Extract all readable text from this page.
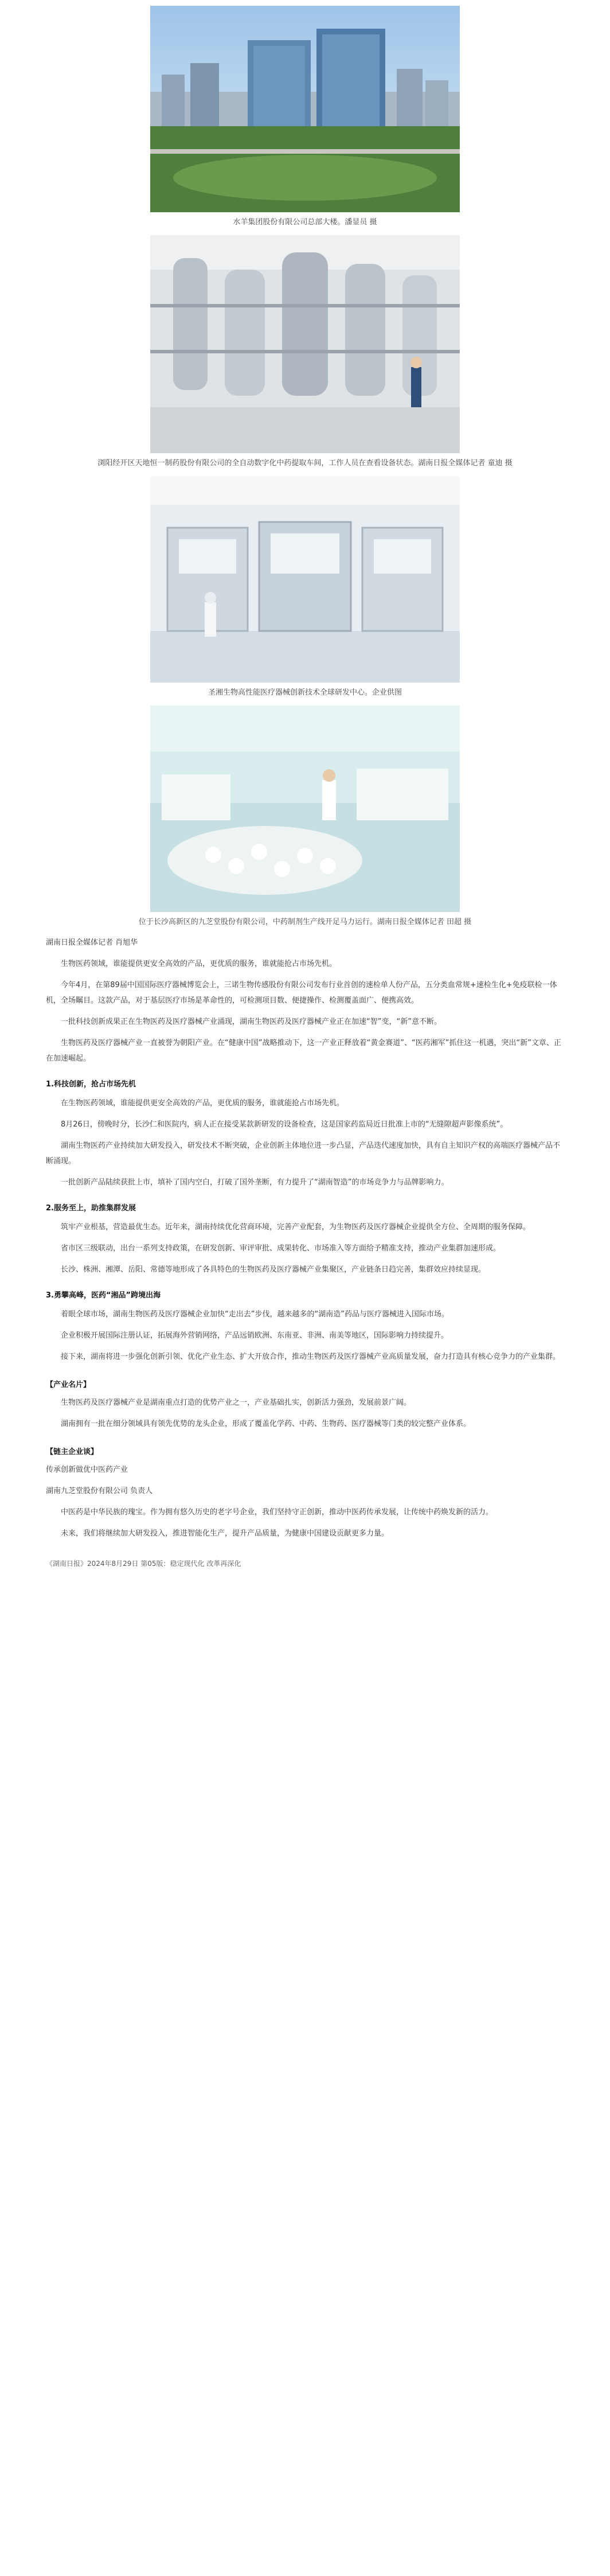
水羊集团股份有限公司总部大楼。潘显员 摄
浏阳经开区天地恒一制药股份有限公司的全自动数字化中药提取车间，工作人员在查看设备状态。湖南日报全媒体记者 童迪 摄
圣湘生物高性能医疗器械创新技术全球研发中心。企业供图
位于长沙高新区的九芝堂股份有限公司，中药制剂生产线开足马力运行。湖南日报全媒体记者 田超 摄

湖南日报全媒体记者 肖旭华

生物医药领域，谁能提供更安全高效的产品，更优质的服务，谁就能抢占市场先机。

今年4月，在第89届中国国际医疗器械博览会上，三诺生物传感股份有限公司发布行业首创的速检单人份产品，五分类血常规+速检生化+免疫联检一体机，全场瞩目。这款产品，对于基层医疗市场是革命性的，可检测项目数、便捷操作、检测覆盖面广、便携高效。

一批科技创新成果正在生物医药及医疗器械产业涌现，湖南生物医药及医疗器械产业正在加速“智”变，“新”意不断。

生物医药及医疗器械产业一直被誉为朝阳产业。在“健康中国”战略推动下，这一产业正释放着“黄金赛道”、“医药湘军”抓住这一机遇，突出“新”文章、正在加速崛起。

1.科技创新，抢占市场先机

在生物医药领域，谁能提供更安全高效的产品，更优质的服务，谁就能抢占市场先机。

8月26日，傍晚时分，长沙仁和医院内，病人正在接受某款新研发的设备检查，这是国家药监局近日批准上市的“无缝隙超声影像系统”。

湖南生物医药产业持续加大研发投入，研发技术不断突破，企业创新主体地位进一步凸显，产品迭代速度加快，具有自主知识产权的高端医疗器械产品不断涌现。

一批创新产品陆续获批上市，填补了国内空白，打破了国外垄断，有力提升了“湖南智造”的市场竞争力与品牌影响力。

2.服务至上，助推集群发展

筑牢产业根基，营造最优生态。近年来，湖南持续优化营商环境，完善产业配套，为生物医药及医疗器械企业提供全方位、全周期的服务保障。

省市区三级联动，出台一系列支持政策，在研发创新、审评审批、成果转化、市场准入等方面给予精准支持，推动产业集群加速形成。

长沙、株洲、湘潭、岳阳、常德等地形成了各具特色的生物医药及医疗器械产业集聚区，产业链条日趋完善，集群效应持续显现。

3.勇攀高峰，医药“湘品”跨境出海

着眼全球市场，湖南生物医药及医疗器械企业加快“走出去”步伐，越来越多的“湖南造”药品与医疗器械进入国际市场。

企业积极开展国际注册认证，拓展海外营销网络，产品远销欧洲、东南亚、非洲、南美等地区，国际影响力持续提升。

接下来，湖南将进一步强化创新引领、优化产业生态、扩大开放合作，推动生物医药及医疗器械产业高质量发展，奋力打造具有核心竞争力的产业集群。

【产业名片】

生物医药及医疗器械产业是湖南重点打造的优势产业之一，产业基础扎实，创新活力强劲，发展前景广阔。

湖南拥有一批在细分领域具有领先优势的龙头企业，形成了覆盖化学药、中药、生物药、医疗器械等门类的较完整产业体系。

【链主企业谈】

传承创新做优中医药产业

湖南九芝堂股份有限公司 负责人

中医药是中华民族的瑰宝。作为拥有悠久历史的老字号企业，我们坚持守正创新，推动中医药传承发展，让传统中药焕发新的活力。

未来，我们将继续加大研发投入，推进智能化生产，提升产品质量，为健康中国建设贡献更多力量。

《湖南日报》2024年8月29日 第05版：稳定现代化 改革再深化
